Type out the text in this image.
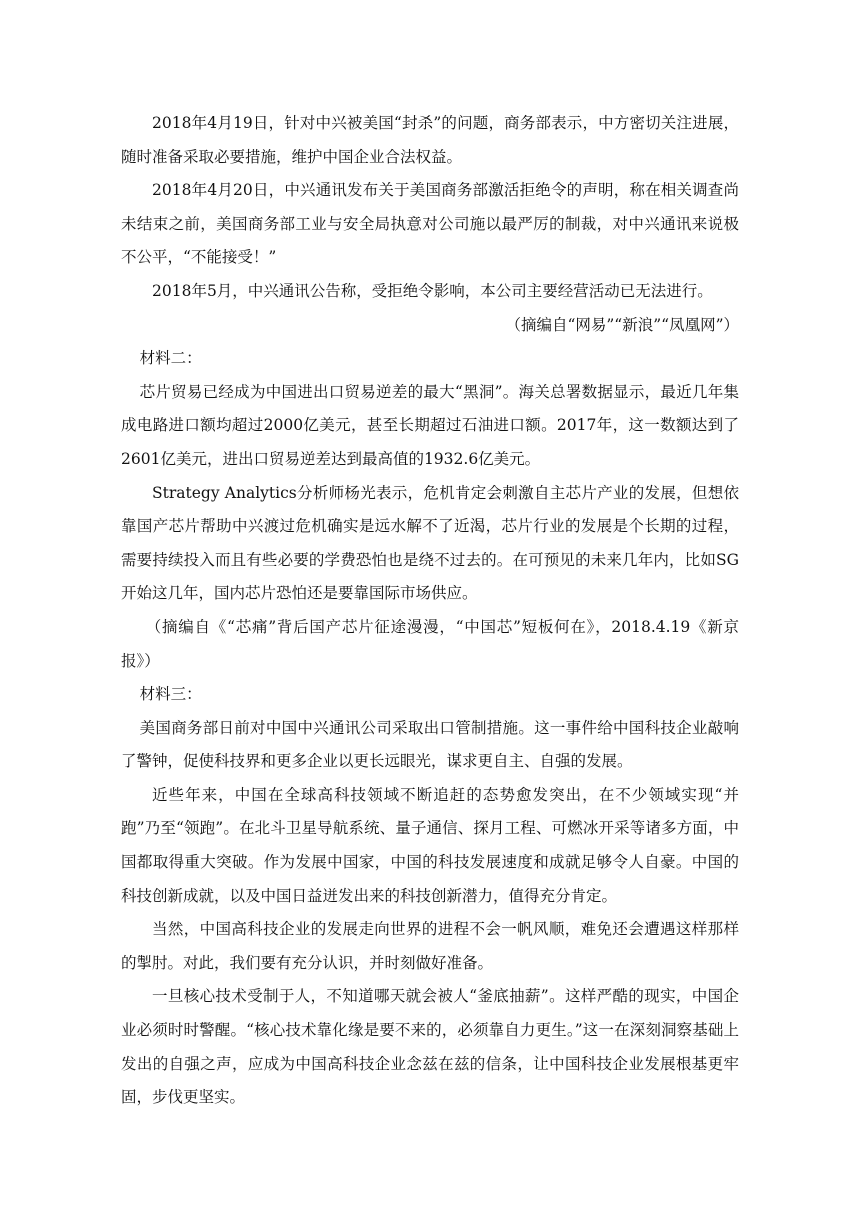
2018年4月19日，针对中兴被美国“封杀”的问题，商务部表示，中方密切关注进展，随时准备采取必要措施，维护中国企业合法权益。

2018年4月20日，中兴通讯发布关于美国商务部激活拒绝令的声明，称在相关调查尚未结束之前，美国商务部工业与安全局执意对公司施以最严厉的制裁，对中兴通讯来说极不公平，“不能接受！”

2018年5月，中兴通讯公告称，受拒绝令影响，本公司主要经营活动已无法进行。

（摘编自“网易”“新浪”“凤凰网”）

材料二：

芯片贸易已经成为中国进出口贸易逆差的最大“黑洞”。海关总署数据显示，最近几年集成电路进口额均超过2000亿美元，甚至长期超过石油进口额。2017年，这一数额达到了2601亿美元，进出口贸易逆差达到最高值的1932.6亿美元。

Strategy Analytics分析师杨光表示，危机肯定会刺激自主芯片产业的发展，但想依靠国产芯片帮助中兴渡过危机确实是远水解不了近渴，芯片行业的发展是个长期的过程，需要持续投入而且有些必要的学费恐怕也是绕不过去的。在可预见的未来几年内，比如SG开始这几年，国内芯片恐怕还是要靠国际市场供应。

（摘编自《“芯痛”背后国产芯片征途漫漫，“中国芯”短板何在》，2018.4.19《新京报》）

材料三：

美国商务部日前对中国中兴通讯公司采取出口管制措施。这一事件给中国科技企业敲响了警钟，促使科技界和更多企业以更长远眼光，谋求更自主、自强的发展。

近些年来，中国在全球高科技领域不断追赶的态势愈发突出，在不少领域实现“并跑”乃至“领跑”。在北斗卫星导航系统、量子通信、探月工程、可燃冰开采等诸多方面，中国都取得重大突破。作为发展中国家，中国的科技发展速度和成就足够令人自豪。中国的科技创新成就，以及中国日益迸发出来的科技创新潜力，值得充分肯定。

当然，中国高科技企业的发展走向世界的进程不会一帆风顺，难免还会遭遇这样那样的掣肘。对此，我们要有充分认识，并时刻做好准备。

一旦核心技术受制于人，不知道哪天就会被人“釜底抽薪”。这样严酷的现实，中国企业必须时时警醒。“核心技术靠化缘是要不来的，必须靠自力更生。”这一在深刻洞察基础上发出的自强之声，应成为中国高科技企业念兹在兹的信条，让中国科技企业发展根基更牢固，步伐更坚实。
